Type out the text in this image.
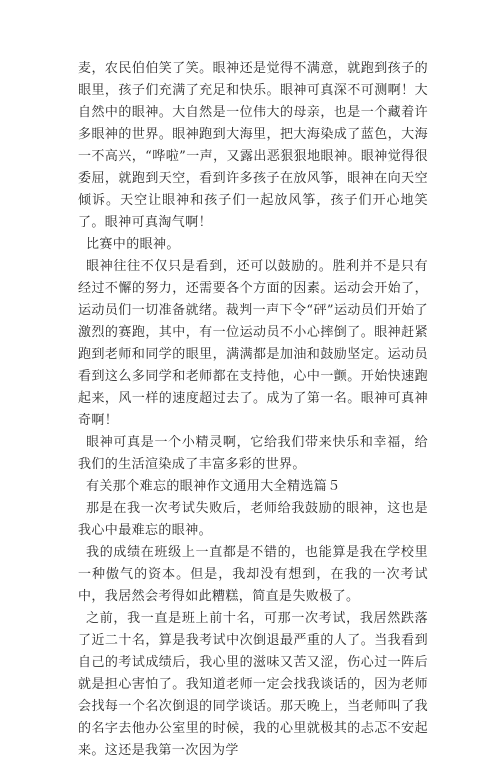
麦，农民伯伯笑了笑。眼神还是觉得不满意，就跑到孩子的眼里，孩子们充满了充足和快乐。眼神可真深不可测啊！大自然中的眼神。大自然是一位伟大的母亲，也是一个藏着许多眼神的世界。眼神跑到大海里，把大海染成了蓝色，大海一不高兴，“哗啦”一声，又露出恶狠狠地眼神。眼神觉得很委屈，就跑到天空，看到许多孩子在放风筝，眼神在向天空倾诉。天空让眼神和孩子们一起放风筝，孩子们开心地笑了。眼神可真淘气啊！

比赛中的眼神。

眼神往往不仅只是看到，还可以鼓励的。胜利并不是只有经过不懈的努力，还需要各个方面的因素。运动会开始了，运动员们一切准备就绪。裁判一声下令“砰”运动员们开始了激烈的赛跑，其中，有一位运动员不小心摔倒了。眼神赶紧跑到老师和同学的眼里，满满都是加油和鼓励坚定。运动员看到这么多同学和老师都在支持他，心中一颤。开始快速跑起来，风一样的速度超过去了。成为了第一名。眼神可真神奇啊！

眼神可真是一个小精灵啊，它给我们带来快乐和幸福，给我们的生活渲染成了丰富多彩的世界。

有关那个难忘的眼神作文通用大全精选篇５

那是在我一次考试失败后，老师给我鼓励的眼神，这也是我心中最难忘的眼神。

我的成绩在班级上一直都是不错的，也能算是我在学校里一种傲气的资本。但是，我却没有想到，在我的一次考试中，我居然会考得如此糟糕，简直是失败极了。

之前，我一直是班上前十名，可那一次考试，我居然跌落了近二十名，算是我考试中次倒退最严重的人了。当我看到自己的考试成绩后，我心里的滋味又苦又涩，伤心过一阵后就是担心害怕了。我知道老师一定会找我谈话的，因为老师会找每一个名次倒退的同学谈话。那天晚上，当老师叫了我的名字去他办公室里的时候，我的心里就极其的忐忑不安起来。这还是我第一次因为学
